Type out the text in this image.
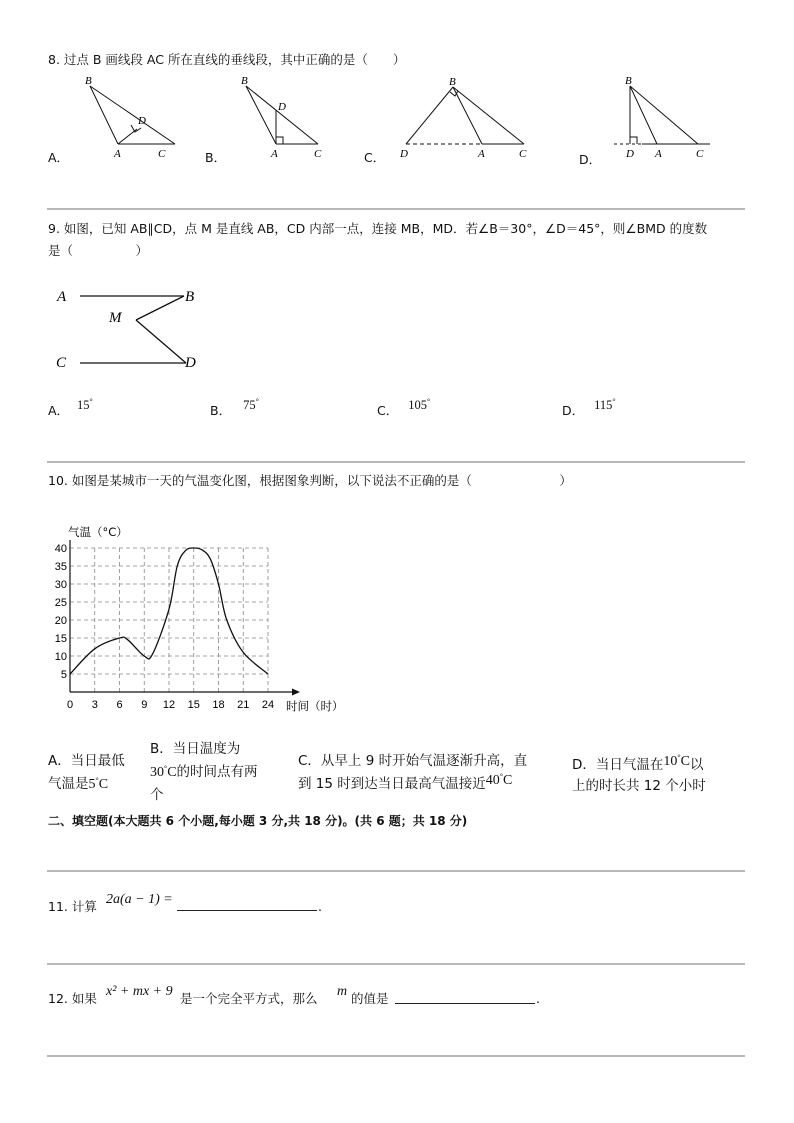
8. 过点 B 画线段 AC 所在直线的垂线段，其中正确的是（　　）
B
D
A	C
A．
B
D
A	C
B．
B
D	A	C
C．
B
D A	C
D．
9. 如图，已知 AB∥CD，点 M 是直线 AB，CD 内部一点，连接 MB，MD．若∠B＝30°，∠D＝45°，则∠BMD 的度数
是（　　　　　）
A	B
M
C	D
A． 15°
B． 75°
C． 105°
D． 115°
10. 如图是某城市一天的气温变化图，根据图象判断，以下说法不正确的是（　　　　　　　）
0 3 6 9 12 15 18 21 24
5
10
15
20
25
30
35
40
气温（°C）
时间（时）
A．当日最低
气温是5°C
B．当日温度为
30°C的时间点有两
个
C．从早上 9 时开始气温逐渐升高，直
到 15 时到达当日最高气温接近40°C
D．当日气温在10°C以
上的时长共 12 个小时
二、填空题(本大题共 6 个小题,每小题 3 分,共 18 分)。(共 6 题；共 18 分)
11. 计算 2a(a − 1) =	.
12. 如果 x² + mx + 9 是一个完全平方式，那么 m 的值是	.
